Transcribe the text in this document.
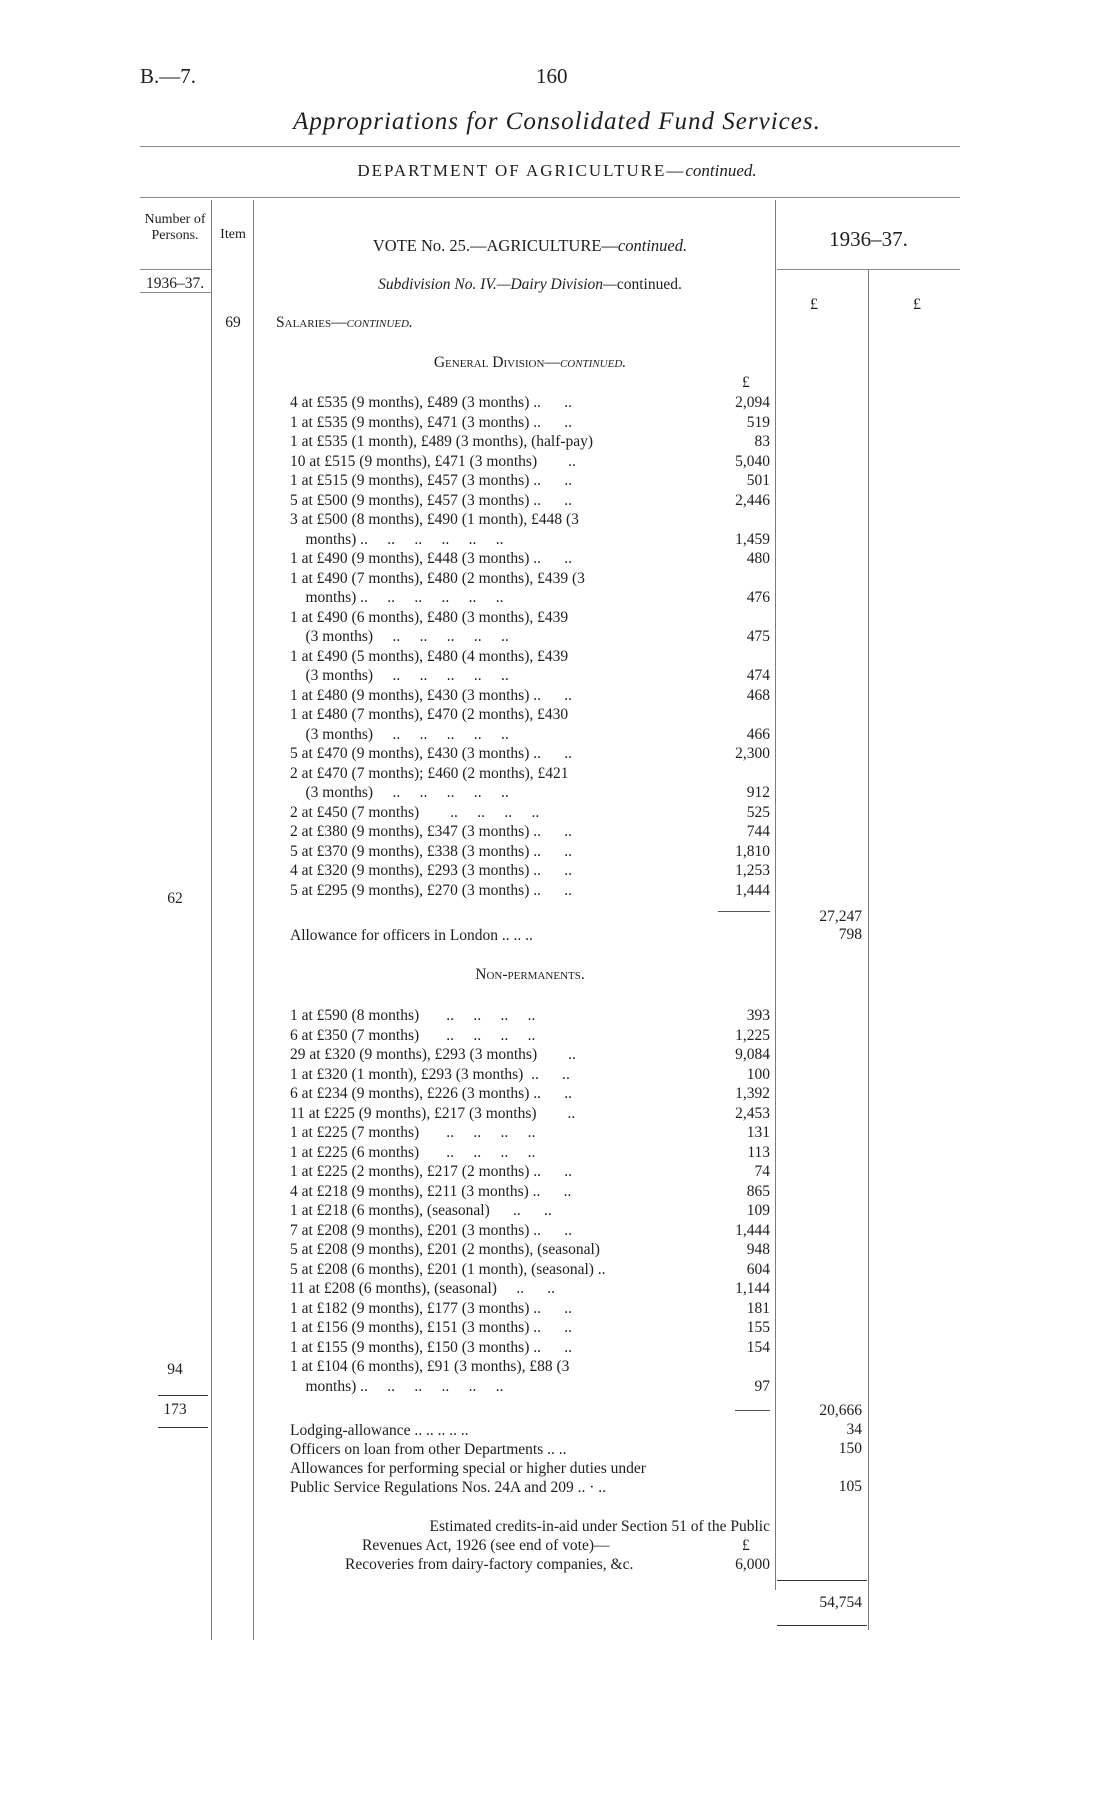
B.—7.	160
Appropriations for Consolidated Fund Services.
DEPARTMENT OF AGRICULTURE—continued.
Number of Persons.	Item
1936–37.
1936–37.
£	£
VOTE No. 25.—AGRICULTURE—continued.
Subdivision No. IV.—Dairy Division—continued.
69	Salaries—continued.
General Division—continued.
£
4 at £535 (9 months), £489 (3 months) ..      ..	2,094
1 at £535 (9 months), £471 (3 months) ..      ..	519
1 at £535 (1 month), £489 (3 months), (half-pay)	83
10 at £515 (9 months), £471 (3 months)        ..	5,040
1 at £515 (9 months), £457 (3 months) ..      ..	501
5 at £500 (9 months), £457 (3 months) ..      ..	2,446
3 at £500 (8 months), £490 (1 month), £448 (3
months) ..     ..     ..     ..     ..     ..	1,459
1 at £490 (9 months), £448 (3 months) ..      ..	480
1 at £490 (7 months), £480 (2 months), £439 (3
months) ..     ..     ..     ..     ..     ..	476
1 at £490 (6 months), £480 (3 months), £439
(3 months)     ..     ..     ..     ..     ..	475
1 at £490 (5 months), £480 (4 months), £439
(3 months)     ..     ..     ..     ..     ..	474
1 at £480 (9 months), £430 (3 months) ..      ..	468
1 at £480 (7 months), £470 (2 months), £430
(3 months)     ..     ..     ..     ..     ..	466
5 at £470 (9 months), £430 (3 months) ..      ..	2,300
2 at £470 (7 months); £460 (2 months), £421
(3 months)     ..     ..     ..     ..     ..	912
2 at £450 (7 months)        ..     ..     ..     ..	525
2 at £380 (9 months), £347 (3 months) ..      ..	744
5 at £370 (9 months), £338 (3 months) ..      ..	1,810
4 at £320 (9 months), £293 (3 months) ..      ..	1,253
5 at £295 (9 months), £270 (3 months) ..      ..	1,444
62
27,247
Allowance for officers in London .. .. ..	798
Non-permanents.
1 at £590 (8 months)       ..     ..     ..     ..	393
6 at £350 (7 months)       ..     ..     ..     ..	1,225
29 at £320 (9 months), £293 (3 months)        ..	9,084
1 at £320 (1 month), £293 (3 months)  ..      ..	100
6 at £234 (9 months), £226 (3 months) ..      ..	1,392
11 at £225 (9 months), £217 (3 months)        ..	2,453
1 at £225 (7 months)       ..     ..     ..     ..	131
1 at £225 (6 months)       ..     ..     ..     ..	113
1 at £225 (2 months), £217 (2 months) ..      ..	74
4 at £218 (9 months), £211 (3 months) ..      ..	865
1 at £218 (6 months), (seasonal)      ..      ..	109
7 at £208 (9 months), £201 (3 months) ..      ..	1,444
5 at £208 (9 months), £201 (2 months), (seasonal)	948
5 at £208 (6 months), £201 (1 month), (seasonal) ..	604
11 at £208 (6 months), (seasonal)     ..      ..	1,144
1 at £182 (9 months), £177 (3 months) ..      ..	181
1 at £156 (9 months), £151 (3 months) ..      ..	155
1 at £155 (9 months), £150 (3 months) ..      ..	154
1 at £104 (6 months), £91 (3 months), £88 (3
months) ..     ..     ..     ..     ..     ..	97
94
173	20,666
Lodging-allowance .. .. .. .. ..	34
Officers on loan from other Departments .. ..	150
Allowances for performing special or higher duties under
Public Service Regulations Nos. 24A and 209 .. · ..	105
Estimated credits-in-aid under Section 51 of the Public
Revenues Act, 1926 (see end of vote)—	£
Recoveries from dairy-factory companies, &c.	6,000
54,754
